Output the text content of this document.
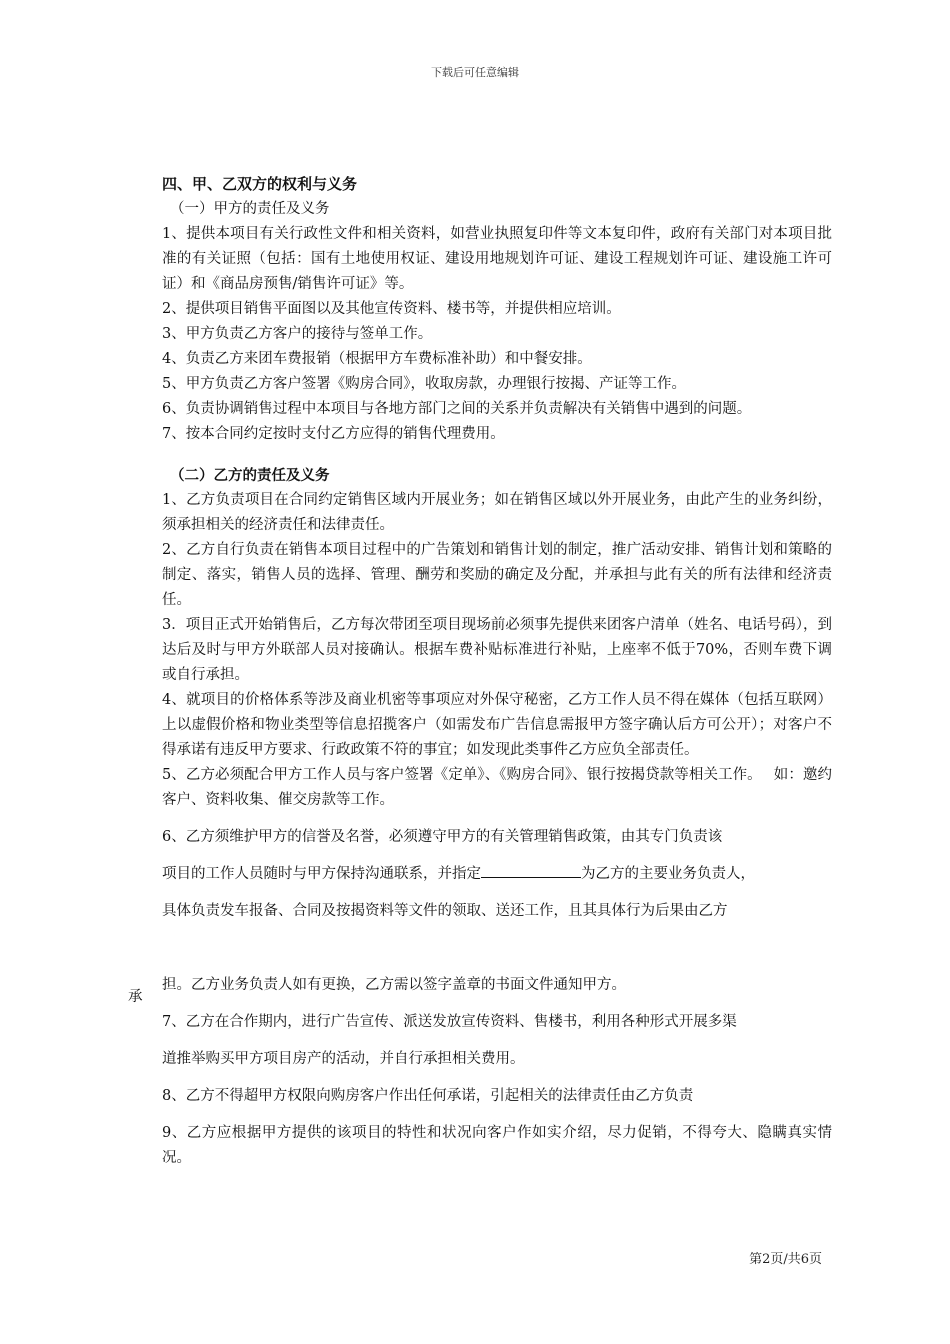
下载后可任意编辑

四、甲、乙双方的权利与义务

（一）甲方的责任及义务

1、提供本项目有关行政性文件和相关资料，如营业执照复印件等文本复印件，政府有关部门对本项目批准的有关证照（包括：国有土地使用权证、建设用地规划许可证、建设工程规划许可证、建设施工许可证）和《商品房预售/销售许可证》等。

2、提供项目销售平面图以及其他宣传资料、楼书等，并提供相应培训。

3、甲方负责乙方客户的接待与签单工作。

4、负责乙方来团车费报销（根据甲方车费标准补助）和中餐安排。

5、甲方负责乙方客户签署《购房合同》，收取房款，办理银行按揭、产证等工作。

6、负责协调销售过程中本项目与各地方部门之间的关系并负责解决有关销售中遇到的问题。

7、按本合同约定按时支付乙方应得的销售代理费用。

（二）乙方的责任及义务

1、乙方负责项目在合同约定销售区域内开展业务；如在销售区域以外开展业务，由此产生的业务纠纷，须承担相关的经济责任和法律责任。

2、乙方自行负责在销售本项目过程中的广告策划和销售计划的制定，推广活动安排、销售计划和策略的制定、落实，销售人员的选择、管理、酬劳和奖励的确定及分配，并承担与此有关的所有法律和经济责任。

3．项目正式开始销售后，乙方每次带团至项目现场前必须事先提供来团客户清单（姓名、电话号码），到达后及时与甲方外联部人员对接确认。根据车费补贴标准进行补贴，上座率不低于70%，否则车费下调或自行承担。

4、就项目的价格体系等涉及商业机密等事项应对外保守秘密，乙方工作人员不得在媒体（包括互联网）上以虚假价格和物业类型等信息招揽客户（如需发布广告信息需报甲方签字确认后方可公开）；对客户不得承诺有违反甲方要求、行政政策不符的事宜；如发现此类事件乙方应负全部责任。

5、乙方必须配合甲方工作人员与客户签署《定单》、《购房合同》、银行按揭贷款等相关工作。　 如：邀约客户、资料收集、催交房款等工作。

6、乙方须维护甲方的信誉及名誉，必须遵守甲方的有关管理销售政策，由其专门负责该
项目的工作人员随时与甲方保持沟通联系，并指定	为乙方的主要业务负责人，
具体负责发车报备、合同及按揭资料等文件的领取、送还工作，且其具体行为后果由乙方
担。乙方业务负责人如有更换，乙方需以签字盖章的书面文件通知甲方。
7、乙方在合作期内，进行广告宣传、派送发放宣传资料、售楼书，利用各种形式开展多渠
道推举购买甲方项目房产的活动，并自行承担相关费用。
8、乙方不得超甲方权限向购房客户作出任何承诺，引起相关的法律责任由乙方负责

9、乙方应根据甲方提供的该项目的特性和状况向客户作如实介绍，尽力促销，不得夸大、隐瞒真实情况。

承
第2页/共6页
